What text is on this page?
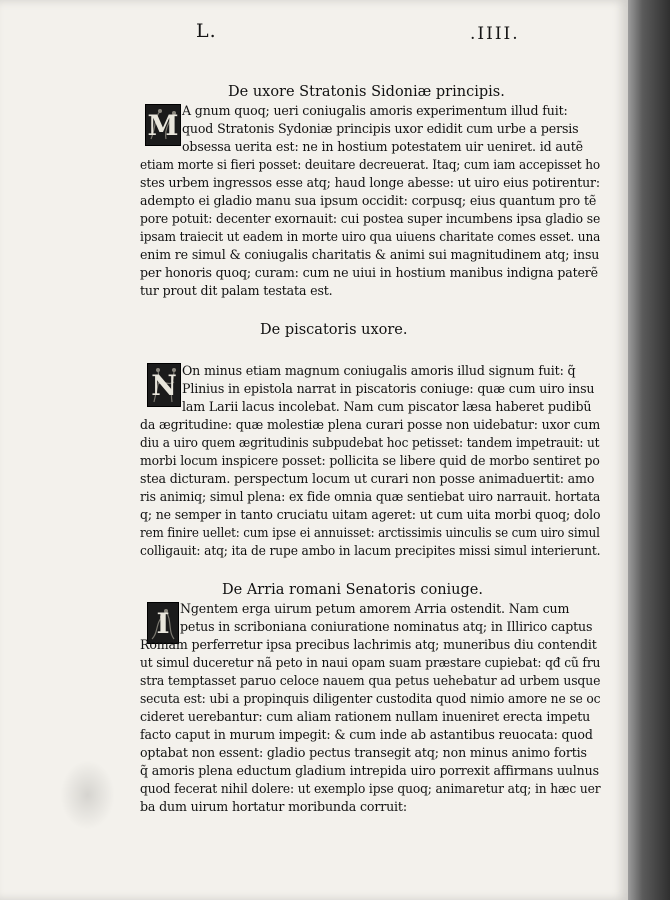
L.	.IIII.
De uxore Stratonis Sidoniæ principis.
M A gnum quoq; ueri coniugalis amoris experimentum illud fuit:
quod Stratonis Sydoniæ principis uxor edidit cum urbe a persis
obsessa uerita est: ne in hostium potestatem uir ueniret. id autẽ
etiam morte si fieri posset: deuitare decreuerat. Itaq; cum iam accepisset ho
stes urbem ingressos esse atq; haud longe abesse: ut uiro eius potirentur:
adempto ei gladio manu sua ipsum occidit: corpusq; eius quantum pro tẽ
pore potuit: decenter exornauit: cui postea super incumbens ipsa gladio se
ipsam traiecit ut eadem in morte uiro qua uiuens charitate comes esset. una
enim re simul & coniugalis charitatis & animi sui magnitudinem atq; insu
per honoris quoq; curam: cum ne uiui in hostium manibus indigna paterẽ
tur prout dit palam testata est.
De piscatoris uxore.
N On minus etiam magnum coniugalis amoris illud signum fuit: q̃
Plinius in epistola narrat in piscatoris coniuge: quæ cum uiro insu
lam Larii lacus incolebat. Nam cum piscator læsa haberet pudibũ
da ægritudine: quæ molestiæ plena curari posse non uidebatur: uxor cum
diu a uiro quem ægritudinis subpudebat hoc petisset: tandem impetrauit: ut
morbi locum inspicere posset: pollicita se libere quid de morbo sentiret po
stea dicturam. perspectum locum ut curari non posse animaduertit: amo
ris animiq; simul plena: ex fide omnia quæ sentiebat uiro narrauit. hortata
q; ne semper in tanto cruciatu uitam ageret: ut cum uita morbi quoq; dolo
rem finire uellet: cum ipse ei annuisset: arctissimis uinculis se cum uiro simul
colligauit: atq; ita de rupe ambo in lacum precipites missi simul interierunt.
De Arria romani Senatoris coniuge.
I Ngentem erga uirum petum amorem Arria ostendit. Nam cum
petus in scriboniana coniuratione nominatus atq; in Illirico captus
Romam perferretur ipsa precibus lachrimis atq; muneribus diu contendit
ut simul duceretur nã peto in naui opam suam præstare cupiebat: qđ cũ fru
stra temptasset paruo celoce nauem qua petus uehebatur ad urbem usque
secuta est: ubi a propinquis diligenter custodita quod nimio amore ne se oc
cideret uerebantur: cum aliam rationem nullam inueniret erecta impetu
facto caput in murum impegit: & cum inde ab astantibus reuocata: quod
optabat non essent: gladio pectus transegit atq; non minus animo fortis
q̃ amoris plena eductum gladium intrepida uiro porrexit affirmans uulnus
quod fecerat nihil dolere: ut exemplo ipse quoq; animaretur atq; in hæc uer
ba dum uirum hortatur moribunda corruit:
